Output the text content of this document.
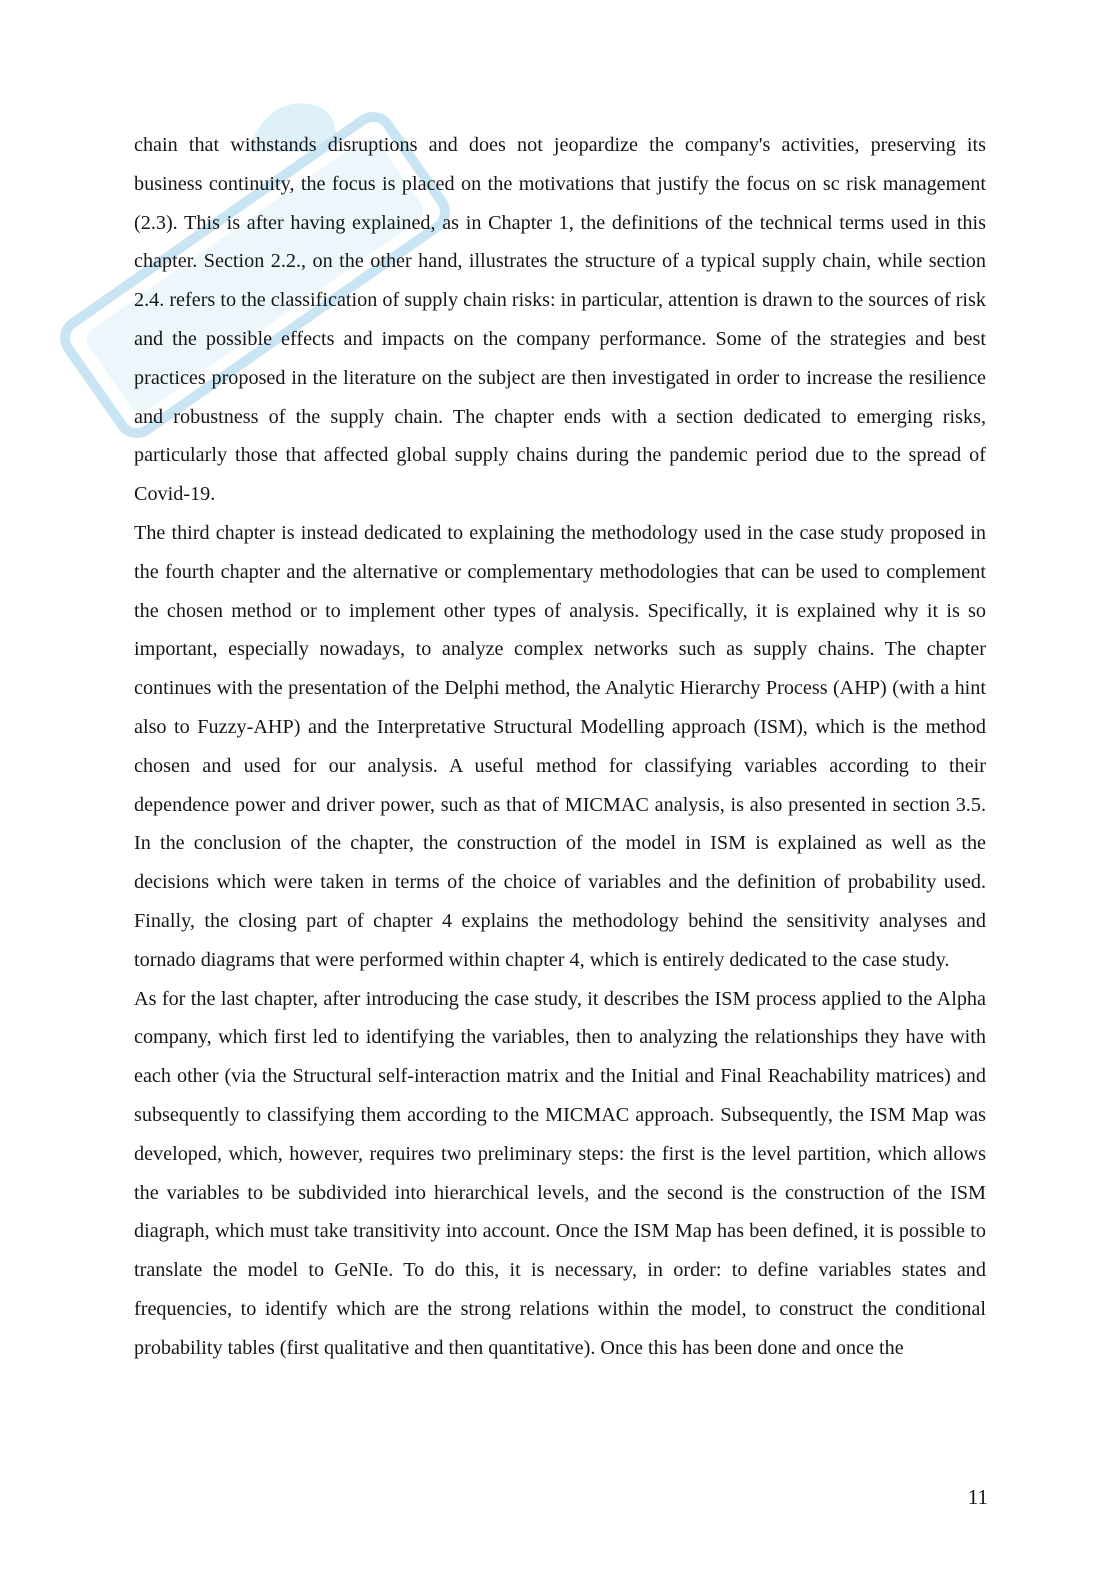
chain that withstands disruptions and does not jeopardize the company's activities, preserving its business continuity, the focus is placed on the motivations that justify the focus on sc risk management (2.3). This is after having explained, as in Chapter 1, the definitions of the technical terms used in this chapter. Section 2.2., on the other hand, illustrates the structure of a typical supply chain, while section 2.4. refers to the classification of supply chain risks: in particular, attention is drawn to the sources of risk and the possible effects and impacts on the company performance. Some of the strategies and best practices proposed in the literature on the subject are then investigated in order to increase the resilience and robustness of the supply chain. The chapter ends with a section dedicated to emerging risks, particularly those that affected global supply chains during the pandemic period due to the spread of Covid-19.

The third chapter is instead dedicated to explaining the methodology used in the case study proposed in the fourth chapter and the alternative or complementary methodologies that can be used to complement the chosen method or to implement other types of analysis. Specifically, it is explained why it is so important, especially nowadays, to analyze complex networks such as supply chains. The chapter continues with the presentation of the Delphi method, the Analytic Hierarchy Process (AHP) (with a hint also to Fuzzy-AHP) and the Interpretative Structural Modelling approach (ISM), which is the method chosen and used for our analysis. A useful method for classifying variables according to their dependence power and driver power, such as that of MICMAC analysis, is also presented in section 3.5. In the conclusion of the chapter, the construction of the model in ISM is explained as well as the decisions which were taken in terms of the choice of variables and the definition of probability used. Finally, the closing part of chapter 4 explains the methodology behind the sensitivity analyses and tornado diagrams that were performed within chapter 4, which is entirely dedicated to the case study.

As for the last chapter, after introducing the case study, it describes the ISM process applied to the Alpha company, which first led to identifying the variables, then to analyzing the relationships they have with each other (via the Structural self-interaction matrix and the Initial and Final Reachability matrices) and subsequently to classifying them according to the MICMAC approach. Subsequently, the ISM Map was developed, which, however, requires two preliminary steps: the first is the level partition, which allows the variables to be subdivided into hierarchical levels, and the second is the construction of the ISM diagraph, which must take transitivity into account. Once the ISM Map has been defined, it is possible to translate the model to GeNIe. To do this, it is necessary, in order: to define variables states and frequencies, to identify which are the strong relations within the model, to construct the conditional probability tables (first qualitative and then quantitative). Once this has been done and once the

11
